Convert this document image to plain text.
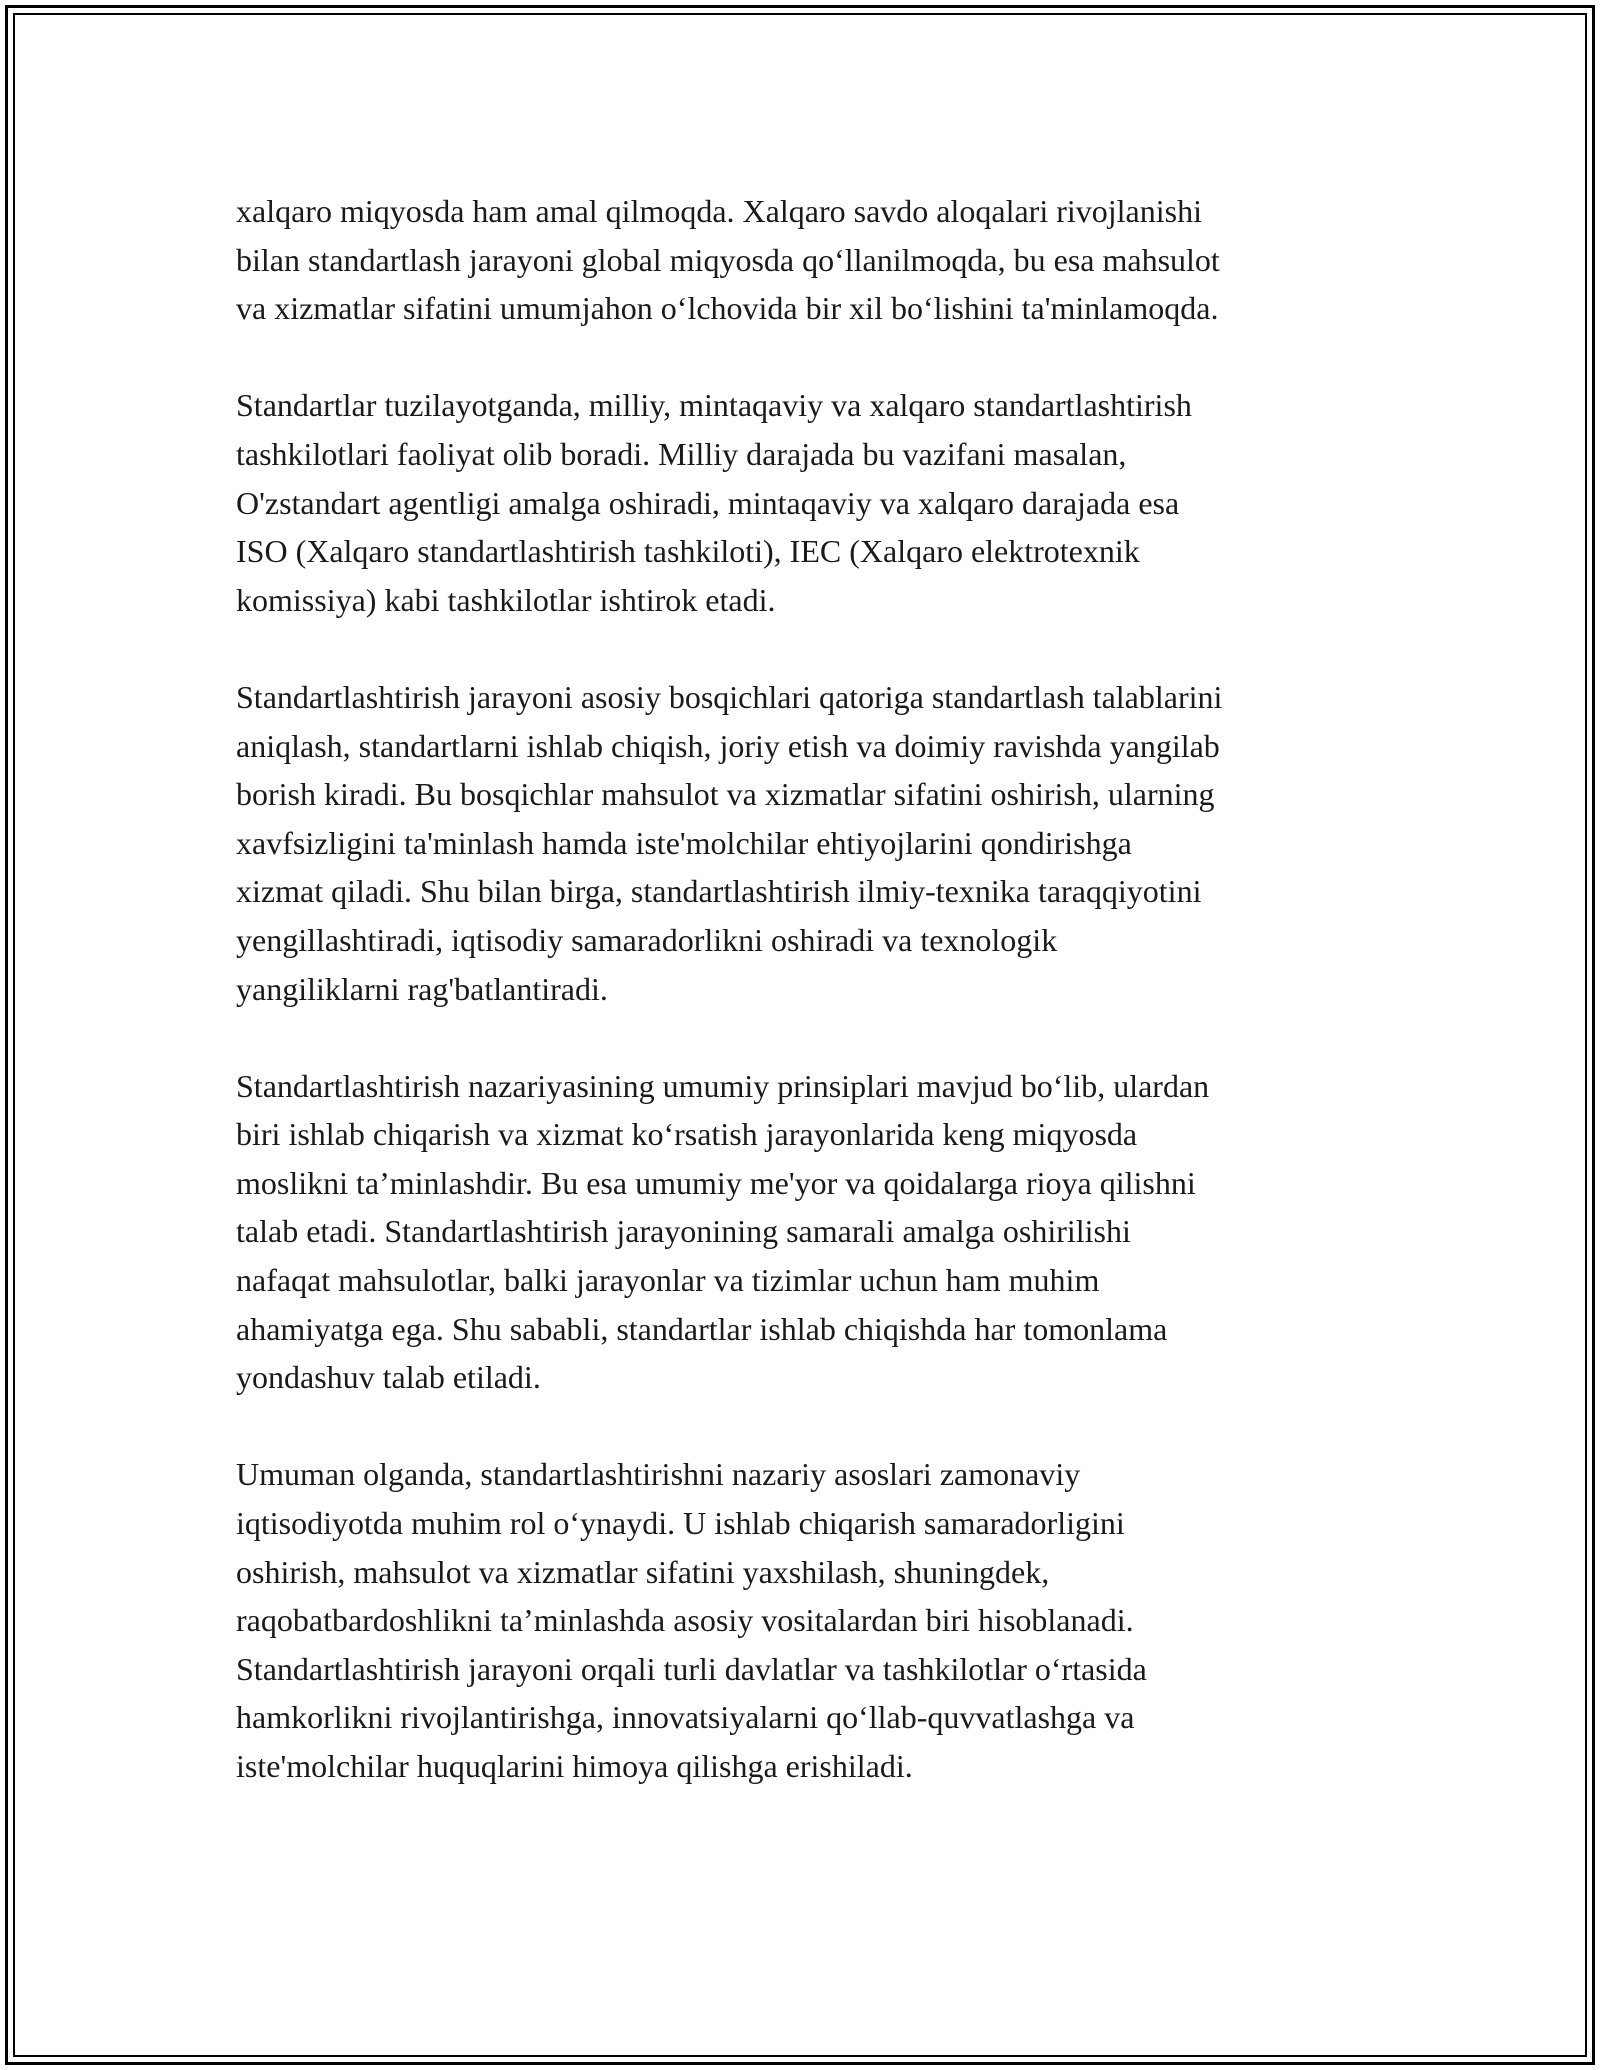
xalqaro miqyosda ham amal qilmoqda. Xalqaro savdo aloqalari rivojlanishi
bilan standartlash jarayoni global miqyosda qo‘llanilmoqda, bu esa mahsulot
va xizmatlar sifatini umumjahon o‘lchovida bir xil bo‘lishini ta'minlamoqda.

Standartlar tuzilayotganda, milliy, mintaqaviy va xalqaro standartlashtirish
tashkilotlari faoliyat olib boradi. Milliy darajada bu vazifani masalan,
O'zstandart agentligi amalga oshiradi, mintaqaviy va xalqaro darajada esa
ISO (Xalqaro standartlashtirish tashkiloti), IEC (Xalqaro elektrotexnik
komissiya) kabi tashkilotlar ishtirok etadi.

Standartlashtirish jarayoni asosiy bosqichlari qatoriga standartlash talablarini
aniqlash, standartlarni ishlab chiqish, joriy etish va doimiy ravishda yangilab
borish kiradi. Bu bosqichlar mahsulot va xizmatlar sifatini oshirish, ularning
xavfsizligini ta'minlash hamda iste'molchilar ehtiyojlarini qondirishga
xizmat qiladi. Shu bilan birga, standartlashtirish ilmiy-texnika taraqqiyotini
yengillashtiradi, iqtisodiy samaradorlikni oshiradi va texnologik
yangiliklarni rag'batlantiradi.

Standartlashtirish nazariyasining umumiy prinsiplari mavjud bo‘lib, ulardan
biri ishlab chiqarish va xizmat ko‘rsatish jarayonlarida keng miqyosda
moslikni ta’minlashdir. Bu esa umumiy me'yor va qoidalarga rioya qilishni
talab etadi. Standartlashtirish jarayonining samarali amalga oshirilishi
nafaqat mahsulotlar, balki jarayonlar va tizimlar uchun ham muhim
ahamiyatga ega. Shu sababli, standartlar ishlab chiqishda har tomonlama
yondashuv talab etiladi.

Umuman olganda, standartlashtirishni nazariy asoslari zamonaviy
iqtisodiyotda muhim rol o‘ynaydi. U ishlab chiqarish samaradorligini
oshirish, mahsulot va xizmatlar sifatini yaxshilash, shuningdek,
raqobatbardoshlikni ta’minlashda asosiy vositalardan biri hisoblanadi.
Standartlashtirish jarayoni orqali turli davlatlar va tashkilotlar o‘rtasida
hamkorlikni rivojlantirishga, innovatsiyalarni qo‘llab-quvvatlashga va
iste'molchilar huquqlarini himoya qilishga erishiladi.
